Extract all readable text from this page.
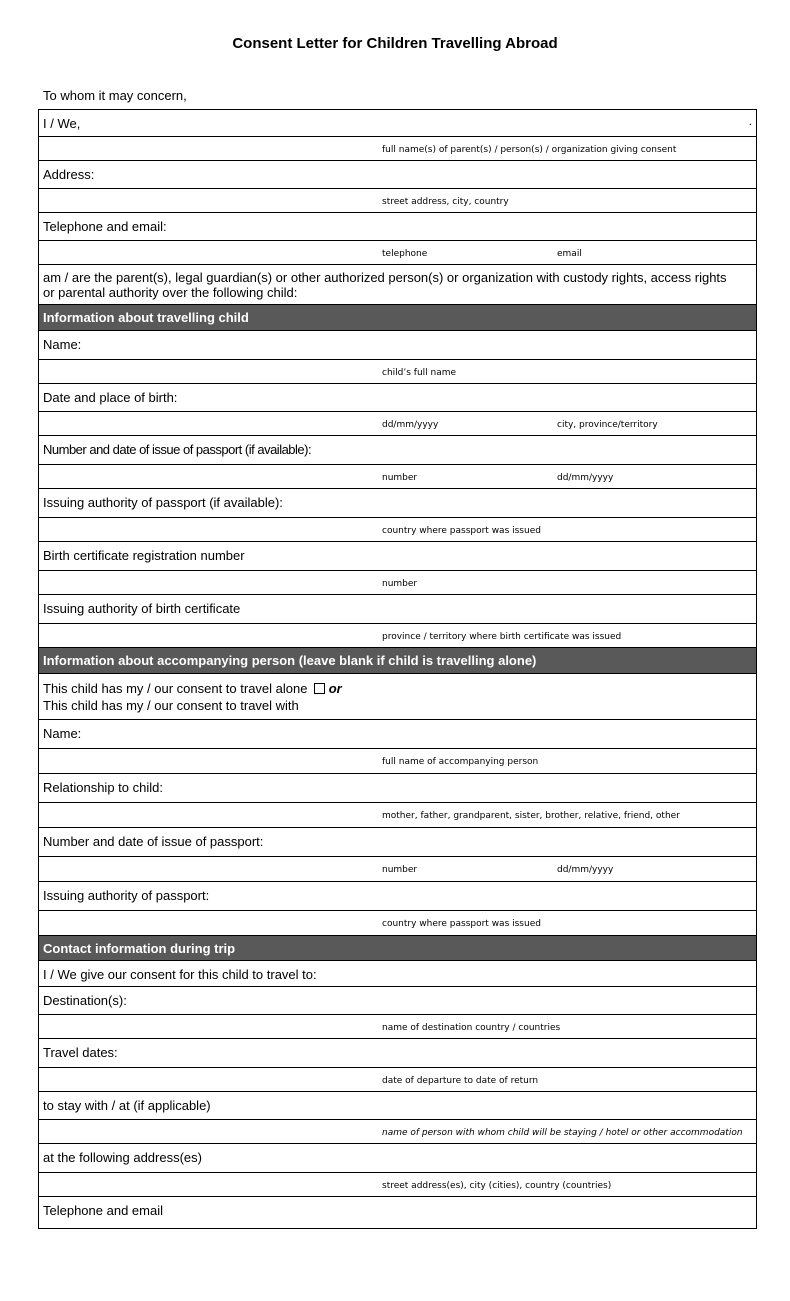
Consent Letter for Children Travelling Abroad
To whom it may concern,
I / We,	.
full name(s) of parent(s) / person(s) / organization giving consent
Address:
street address, city, country
Telephone and email:
telephone	email
am / are the parent(s), legal guardian(s) or other authorized person(s) or organization with custody rights, access rights or parental authority over the following child:
Information about travelling child
Name:
child’s full name
Date and place of birth:
dd/mm/yyyy	city, province/territory
Number and date of issue of passport (if available):
number	dd/mm/yyyy
Issuing authority of passport (if available):
country where passport was issued
Birth certificate registration number
number
Issuing authority of birth certificate
province / territory where birth certificate was issued
Information about accompanying person (leave blank if child is travelling alone)
This child has my / our consent to travel alone or
This child has my / our consent to travel with
Name:
full name of accompanying person
Relationship to child:
mother, father, grandparent, sister, brother, relative, friend, other
Number and date of issue of passport:
number	dd/mm/yyyy
Issuing authority of passport:
country where passport was issued
Contact information during trip
I / We give our consent for this child to travel to:
Destination(s):
name of destination country / countries
Travel dates:
date of departure to date of return
to stay with / at (if applicable)
name of person with whom child will be staying / hotel or other accommodation
at the following address(es)
street address(es), city (cities), country (countries)
Telephone and email
